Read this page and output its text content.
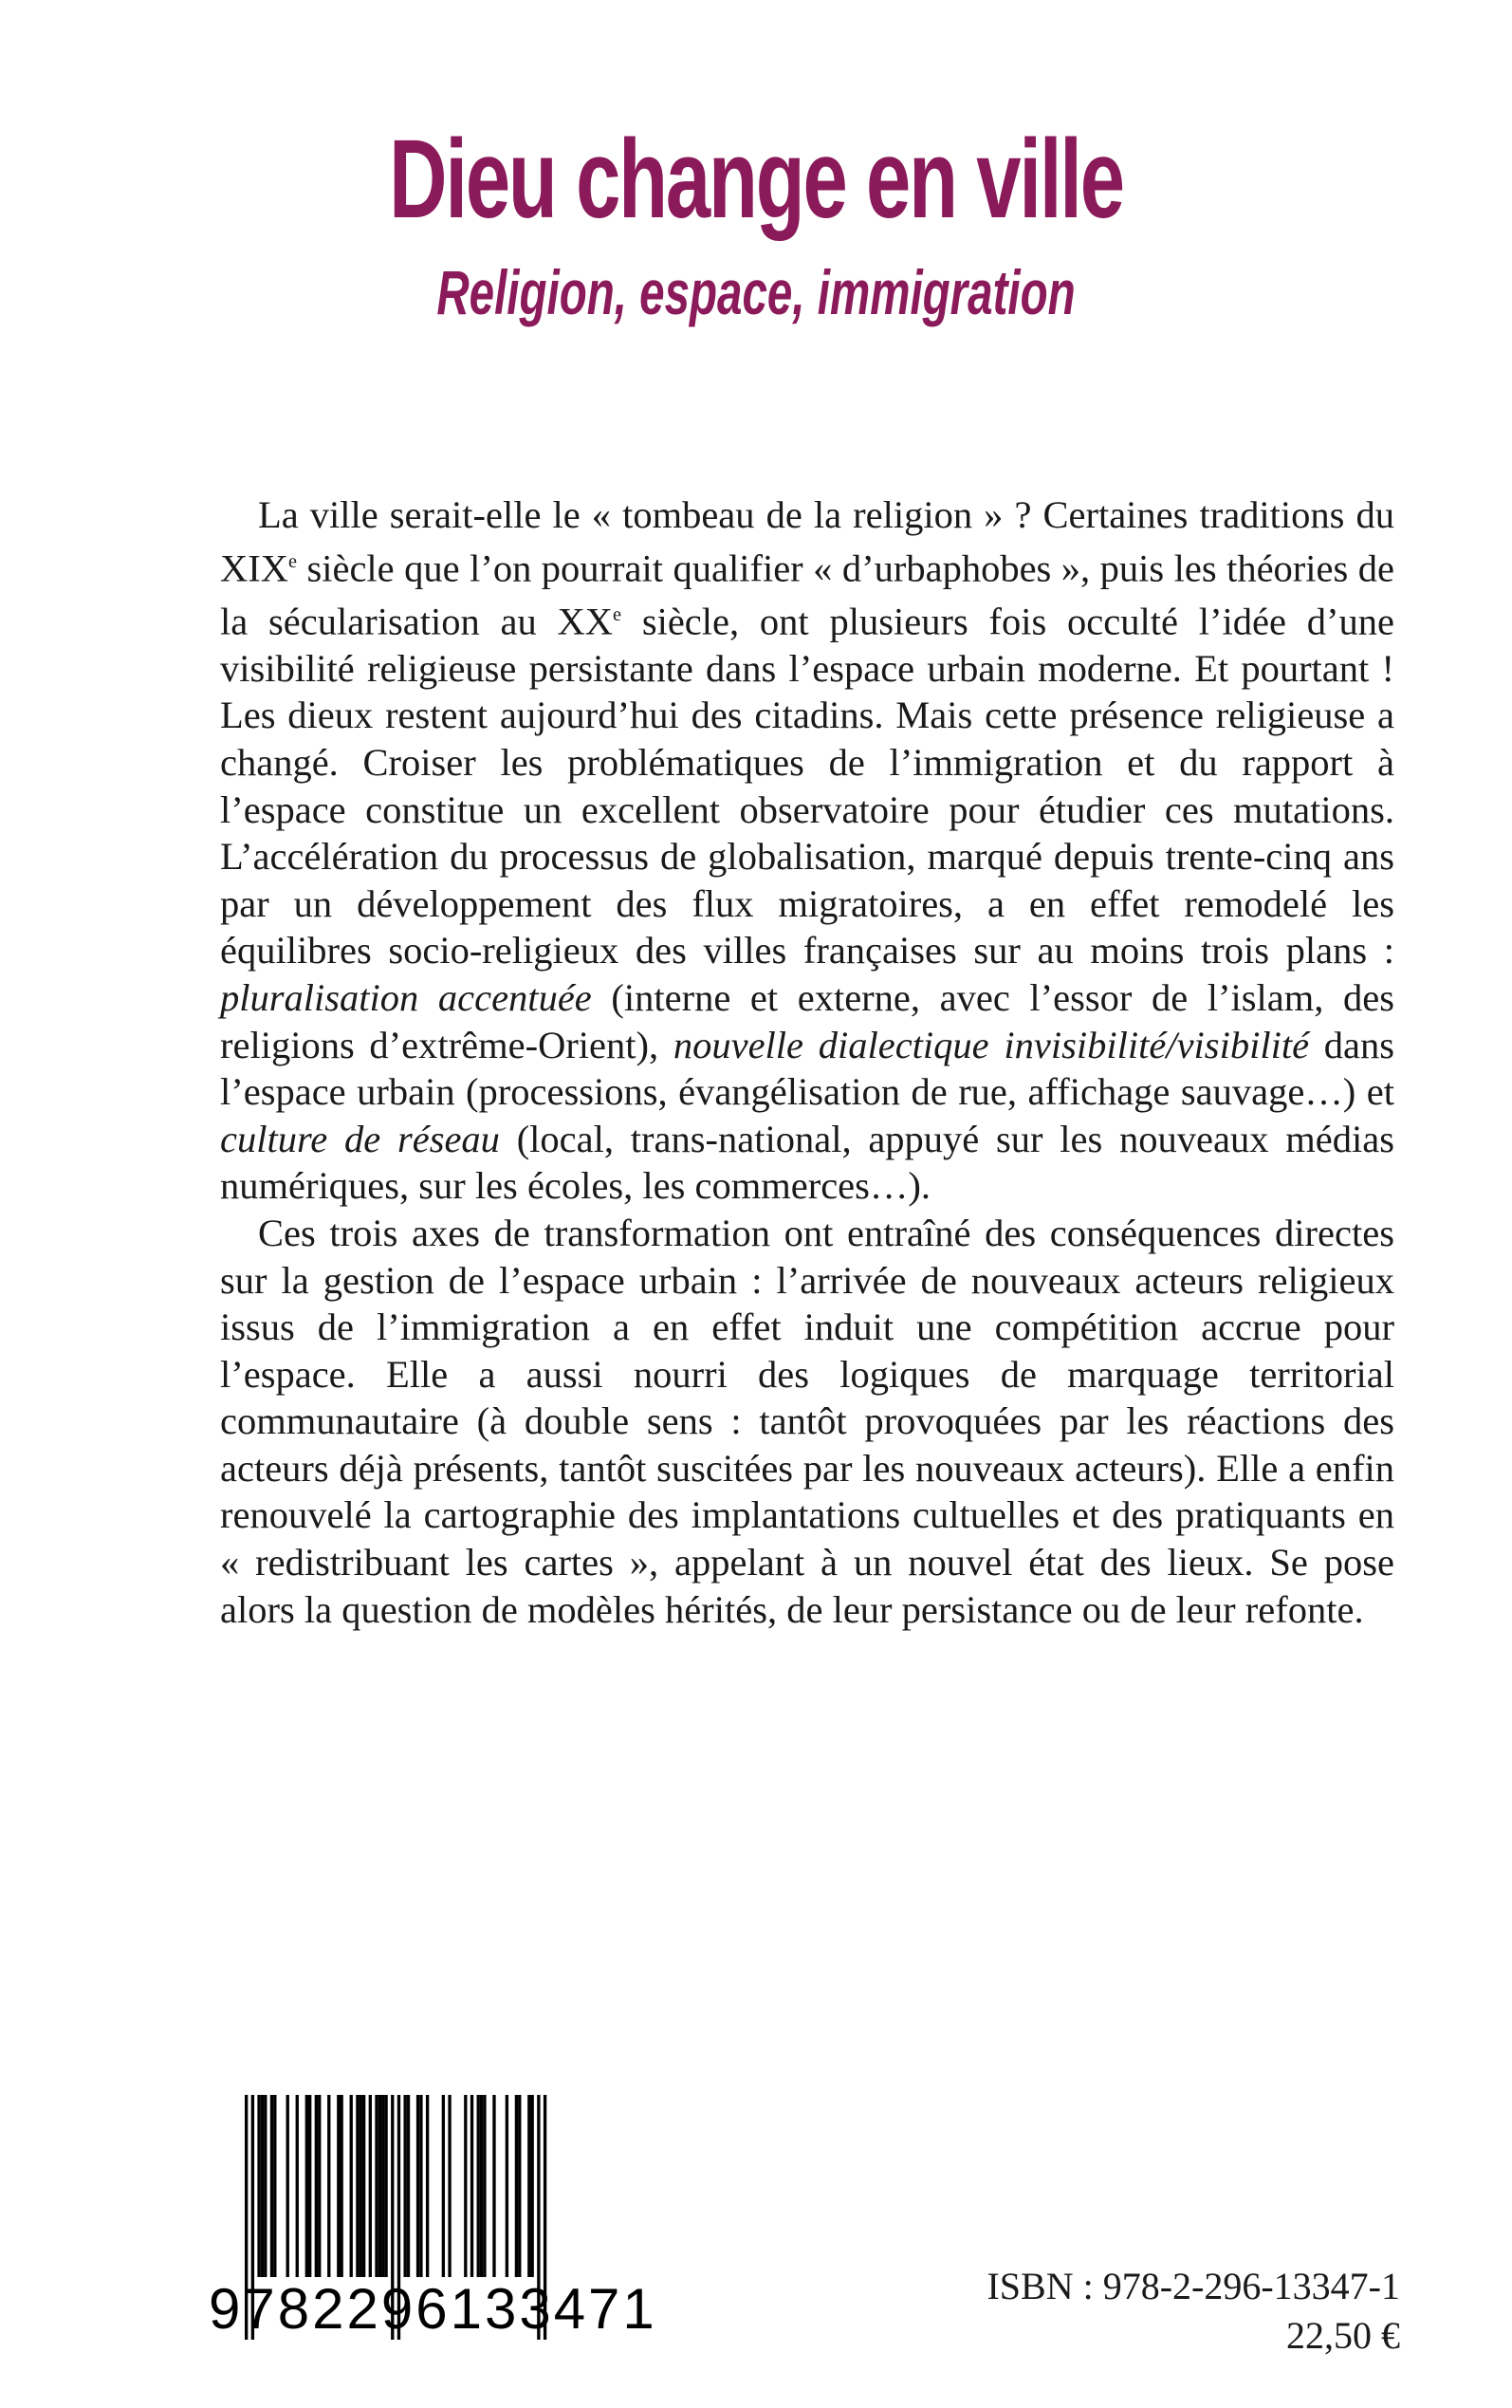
Dieu change en ville
Religion, espace, immigration

La ville serait-elle le « tombeau de la religion » ? Certaines traditions du XIXe siècle que l’on pourrait qualifier « d’urbaphobes », puis les théories de la sécularisation au XXe siècle, ont plusieurs fois occulté l’idée d’une visibilité religieuse persistante dans l’espace urbain moderne. Et pourtant ! Les dieux restent aujourd’hui des citadins. Mais cette présence religieuse a changé. Croiser les problématiques de l’immigration et du rapport à l’espace constitue un excellent observatoire pour étudier ces mutations. L’accélération du processus de globalisation, marqué depuis trente-cinq ans par un développement des flux migratoires, a en effet remodelé les équilibres socio-religieux des villes françaises sur au moins trois plans : pluralisation accentuée (interne et externe, avec l’essor de l’islam, des religions d’extrême-Orient), nouvelle dialectique invisibilité/visibilité dans l’espace urbain (processions, évangélisation de rue, affichage sauvage…) et culture de réseau (local, trans-national, appuyé sur les nouveaux médias numériques, sur les écoles, les commerces…).

Ces trois axes de transformation ont entraîné des conséquences directes sur la gestion de l’espace urbain : l’arrivée de nouveaux acteurs religieux issus de l’immigration a en effet induit une compétition accrue pour l’espace. Elle a aussi nourri des logiques de marquage territorial communautaire (à double sens : tantôt provoquées par les réactions des acteurs déjà présents, tantôt suscitées par les nouveaux acteurs). Elle a enfin renouvelé la cartographie des implantations cultuelles et des pratiquants en « redistribuant les cartes », appelant à un nouvel état des lieux. Se pose alors la question de modèles hérités, de leur persistance ou de leur refonte.

9782296133471	ISBN : 978-2-296-13347-1
22,50 €
